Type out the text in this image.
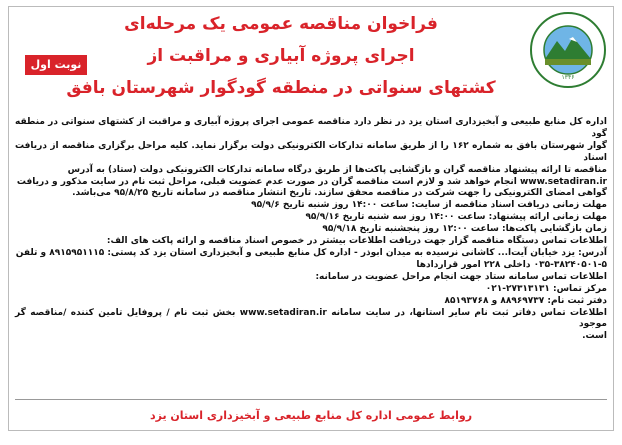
۱۳۴۶
فراخوان مناقصه عمومی یک مرحله‌ای
اجرای پروژه آبیاری و مراقبت از
کشتهای سنواتی در منطقه گودگوار شهرستان بافق
نوبت اول

اداره کل منابع طبیعی و آبخیزداری استان یزد در نظر دارد مناقصه عمومی اجرای پروژه آبیاری و مراقبت از کشتهای سنواتی در منطقه گود

گوار شهرستان بافق به شماره ۱۶۲ را از طریق سامانه تدارکات الکترونیکی دولت برگزار نماید. کلیه مراحل برگزاری مناقصه از دریافت اسناد

مناقصه تا ارائه پیشنهاد مناقصه گران و بازگشایی پاکت‌ها از طریق درگاه سامانه تدارکات الکترونیکی دولت (ستاد) به آدرس

www.setadiran.ir انجام خواهد شد و لازم است مناقصه گران در صورت عدم عضویت قبلی، مراحل ثبت نام در سایت مذکور و دریافت

گواهی امضای الکترونیکی را جهت شرکت در مناقصه محقق سازند. تاریخ انتشار مناقصه در سامانه تاریخ ۹۵/۸/۲۵ می‌باشد.

مهلت زمانی دریافت اسناد مناقصه از سایت: ساعت ۱۴:۰۰ روز شنبه تاریخ ۹۵/۹/۶

مهلت زمانی ارائه پیشنهاد: ساعت ۱۴:۰۰ روز سه شنبه تاریخ ۹۵/۹/۱۶

زمان بازگشایی پاکت‌ها: ساعت ۱۲:۰۰ روز پنجشنبه تاریخ ۹۵/۹/۱۸

اطلاعات تماس دستگاه مناقصه گزار جهت دریافت اطلاعات بیشتر در خصوص اسناد مناقصه و ارائه پاکت های الف:

آدرس: یزد خیابان آیت‌ا... کاشانی نرسیده به میدان ابوذر - اداره کل منابع طبیعی و آبخیزداری استان یزد کد پستی: ۸۹۱۵۹۵۱۱۱۵ و تلفن

۰۳۵-۳۸۲۴۰۵۰۱-۵ داخلی ۲۲۸ امور قراردادها

اطلاعات تماس سامانه ستاد جهت انجام مراحل عضویت در سامانه:

مرکز تماس: ۲۷۳۱۳۱۳۱-۰۲۱

دفتر ثبت نام: ۸۸۹۶۹۷۳۷ و ۸۵۱۹۳۷۶۸

اطلاعات تماس دفاتر ثبت نام سایر استانها، در سایت سامانه www.setadiran.ir بخش ثبت نام / پروفایل تامین کننده /مناقصه گر موجود

است.

روابط عمومی اداره کل منابع طبیعی و آبخیزداری استان یزد
